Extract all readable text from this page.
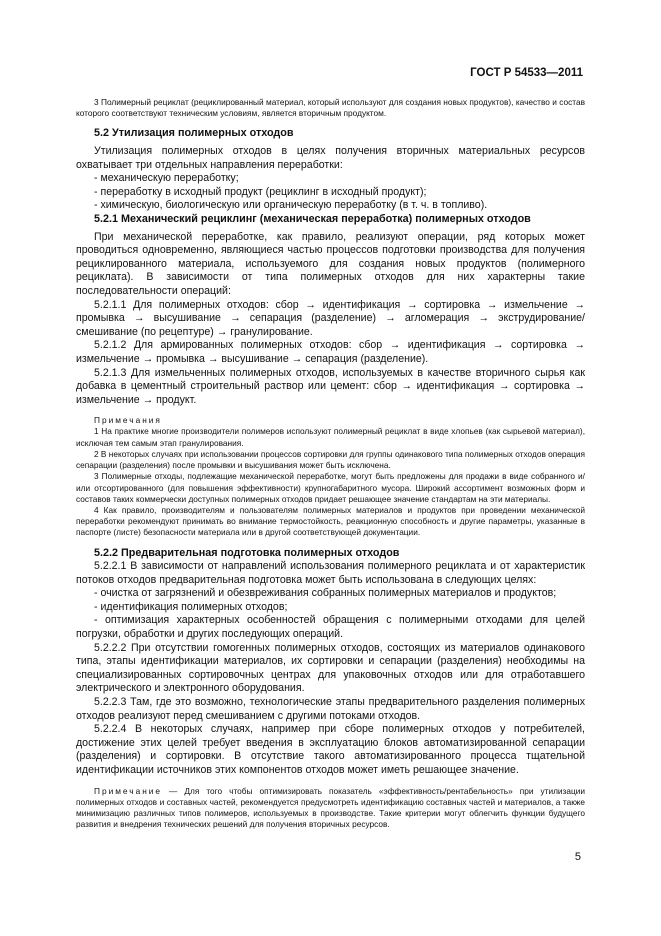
ГОСТ Р 54533—2011

3 Полимерный рециклат (рециклированный материал, который используют для создания новых продуктов), качество и состав которого соответствуют техническим условиям, является вторичным продуктом.

5.2 Утилизация полимерных отходов

Утилизация полимерных отходов в целях получения вторичных материальных ресурсов охватывает три отдельных направления переработки:

- механическую переработку;

- переработку в исходный продукт (рециклинг в исходный продукт);

- химическую, биологическую или органическую переработку (в т. ч. в топливо).

5.2.1 Механический рециклинг (механическая переработка) полимерных отходов

При механической переработке, как правило, реализуют операции, ряд которых может проводиться одновременно, являющиеся частью процессов подготовки производства для получения рециклированного материала, используемого для создания новых продуктов (полимерного рециклата). В зависимости от типа полимерных отходов для них характерны такие последовательности операций:

5.2.1.1 Для полимерных отходов: сбор → идентификация → сортировка → измельчение → промывка → высушивание → сепарация (разделение) → агломерация → экструдирование/смешивание (по рецептуре) → гранулирование.

5.2.1.2 Для армированных полимерных отходов: сбор → идентификация → сортировка → измельчение → промывка → высушивание → сепарация (разделение).

5.2.1.3 Для измельченных полимерных отходов, используемых в качестве вторичного сырья как добавка в цементный строительный раствор или цемент: сбор → идентификация → сортировка → измельчение → продукт.

Примечания

1 На практике многие производители полимеров используют полимерный рециклат в виде хлопьев (как сырьевой материал), исключая тем самым этап гранулирования.

2 В некоторых случаях при использовании процессов сортировки для группы одинакового типа полимерных отходов операция сепарации (разделения) после промывки и высушивания может быть исключена.

3 Полимерные отходы, подлежащие механической переработке, могут быть предложены для продажи в виде собранного и/или отсортированного (для повышения эффективности) крупногабаритного мусора. Широкий ассортимент возможных форм и составов таких коммерчески доступных полимерных отходов придает решающее значение стандартам на эти материалы.

4 Как правило, производителям и пользователям полимерных материалов и продуктов при проведении механической переработки рекомендуют принимать во внимание термостойкость, реакционную способность и другие параметры, указанные в паспорте (листе) безопасности материала или в другой соответствующей документации.

5.2.2 Предварительная подготовка полимерных отходов

5.2.2.1 В зависимости от направлений использования полимерного рециклата и от характеристик потоков отходов предварительная подготовка может быть использована в следующих целях:

- очистка от загрязнений и обезвреживания собранных полимерных материалов и продуктов;

- идентификация полимерных отходов;

- оптимизация характерных особенностей обращения с полимерными отходами для целей погрузки, обработки и других последующих операций.

5.2.2.2 При отсутствии гомогенных полимерных отходов, состоящих из материалов одинакового типа, этапы идентификации материалов, их сортировки и сепарации (разделения) необходимы на специализированных сортировочных центрах для упаковочных отходов или для отработавшего электрического и электронного оборудования.

5.2.2.3 Там, где это возможно, технологические этапы предварительного разделения полимерных отходов реализуют перед смешиванием с другими потоками отходов.

5.2.2.4 В некоторых случаях, например при сборе полимерных отходов у потребителей, достижение этих целей требует введения в эксплуатацию блоков автоматизированной сепарации (разделения) и сортировки. В отсутствие такого автоматизированного процесса тщательной идентификации источников этих компонентов отходов может иметь решающее значение.

Примечание — Для того чтобы оптимизировать показатель «эффективность/рентабельность» при утилизации полимерных отходов и составных частей, рекомендуется предусмотреть идентификацию составных частей и материалов, а также минимизацию различных типов полимеров, используемых в производстве. Такие критерии могут облегчить функции будущего развития и внедрения технических решений для получения вторичных ресурсов.

5
